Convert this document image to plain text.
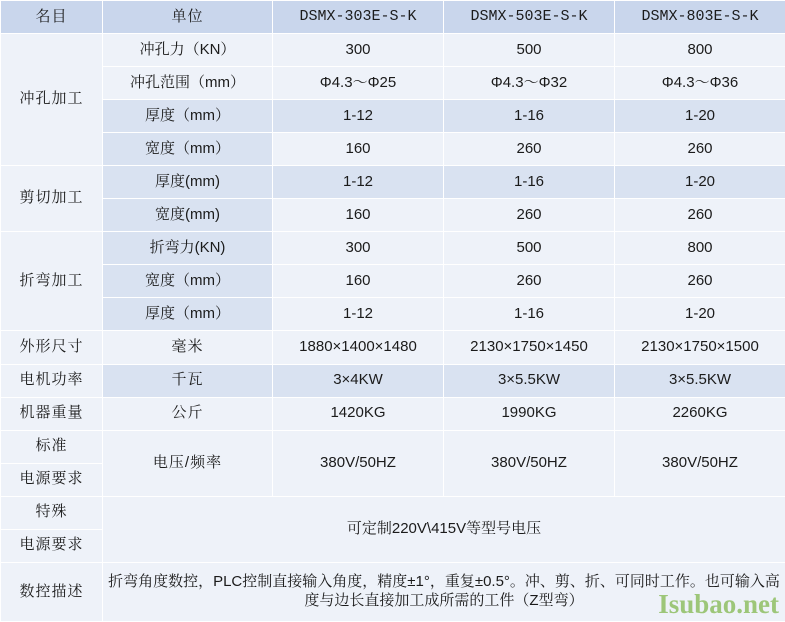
名目	单位	DSMX-303E-S-K	DSMX-503E-S-K	DSMX-803E-S-K
冲孔加工	冲孔力（KN）	300	500	800
	冲孔范围（mm）	Φ4.3～Φ25	Φ4.3～Φ32	Φ4.3～Φ36
	厚度（mm）	1-12	1-16	1-20
	宽度（mm）	160	260	260
剪切加工	厚度(mm)	1-12	1-16	1-20
	宽度(mm)	160	260	260
折弯加工	折弯力(KN)	300	500	800
	宽度（mm）	160	260	260
	厚度（mm）	1-12	1-16	1-20
外形尺寸	毫米	1880×1400×1480	2130×1750×1450	2130×1750×1500
电机功率	千瓦	3×4KW	3×5.5KW	3×5.5KW
机器重量	公斤	1420KG	1990KG	2260KG
标准	电压/频率	380V/50HZ	380V/50HZ	380V/50HZ
电源要求				
特殊	可定制220V\415V等型号电压			
电源要求				
数控描述	折弯角度数控，PLC控制直接输入角度，精度±1°，重复±0.5°。冲、剪、折、可同时工作。也可输入高度与边长直接加工成所需的工件（Z型弯）				Isubao.net
